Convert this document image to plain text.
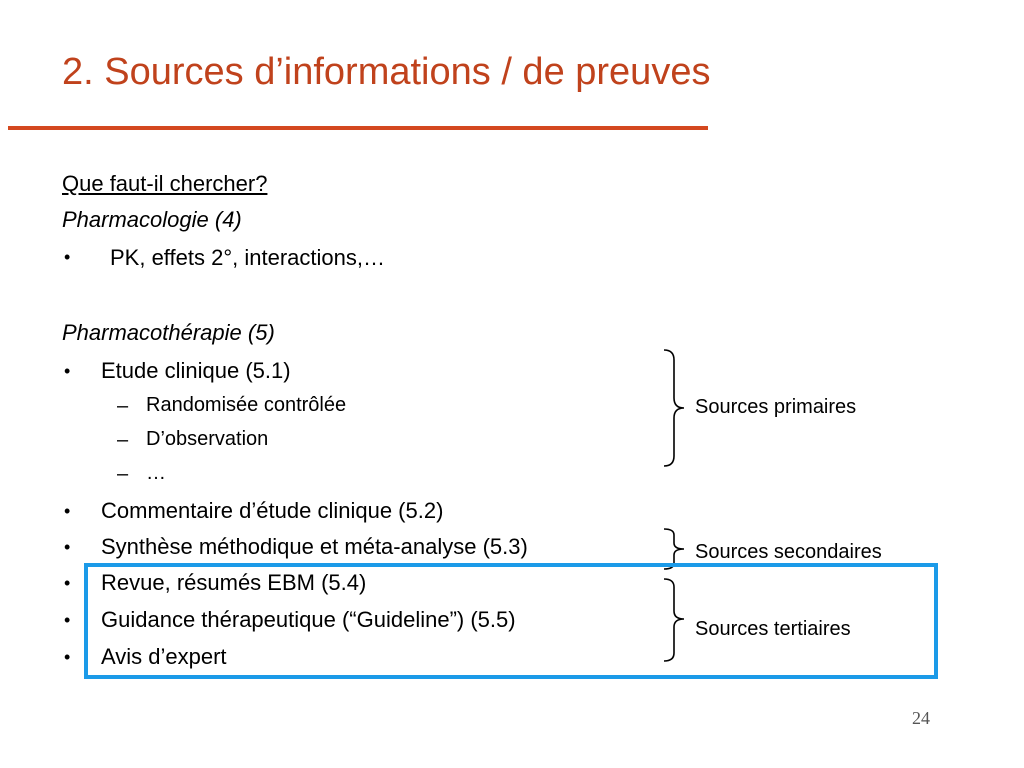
2. Sources d’informations / de preuves
Que faut-il chercher?
Pharmacologie (4)
• PK, effets 2°, interactions,…
Pharmacothérapie (5)
• Etude clinique (5.1)
– Randomisée contrôlée
– D’observation
– …
• Commentaire d’étude clinique (5.2)
• Synthèse méthodique et méta-analyse (5.3)
• Revue, résumés EBM (5.4)
• Guidance thérapeutique (“Guideline”) (5.5)
• Avis d’expert
Sources primaires
Sources secondaires
Sources tertiaires
24
